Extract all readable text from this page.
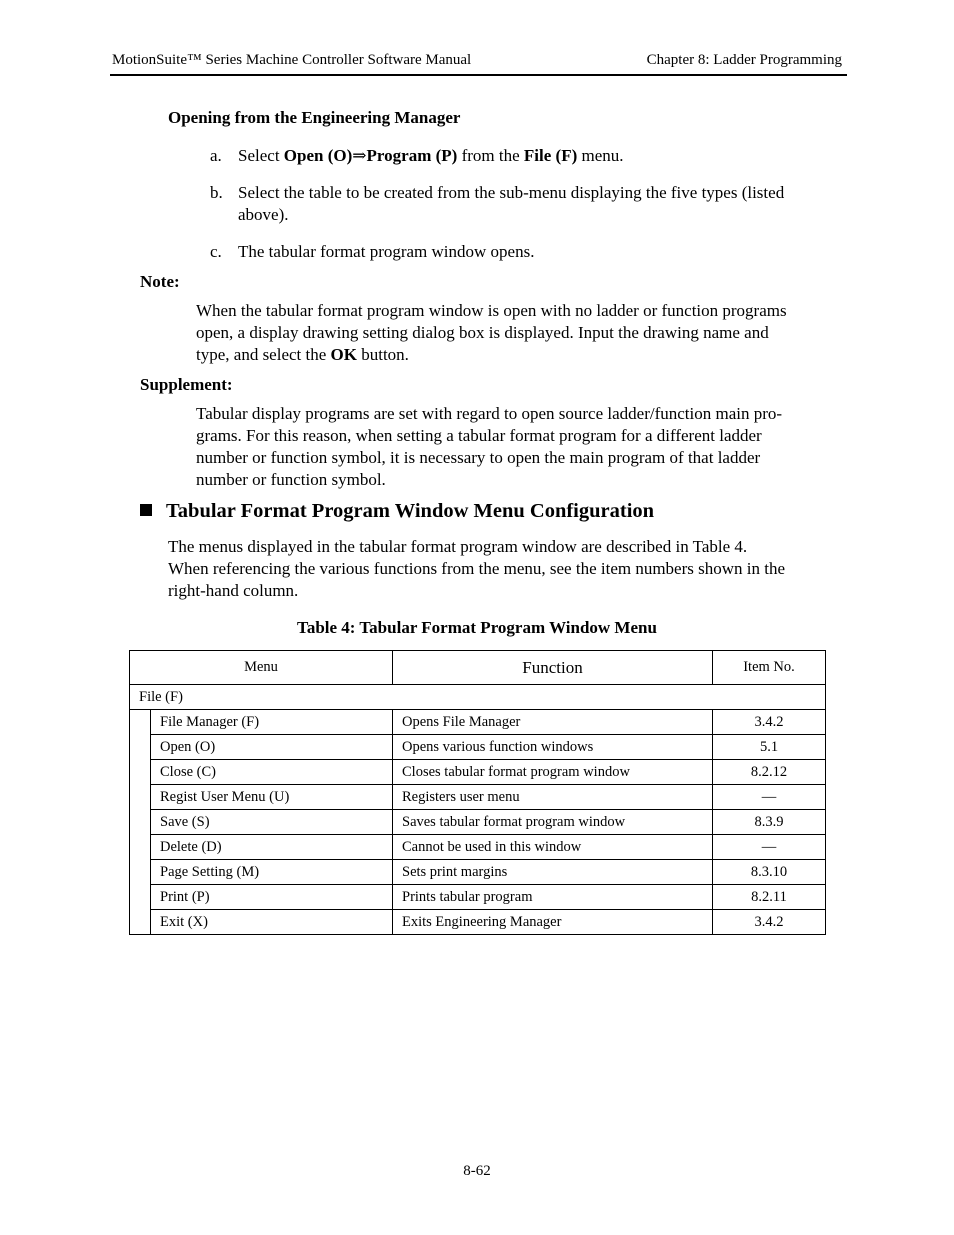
MotionSuite™ Series Machine Controller Software Manual	Chapter 8: Ladder Programming
Opening from the Engineering Manager
a. Select Open (O)⇒Program (P) from the File (F) menu.
b. Select the table to be created from the sub-menu displaying the five types (listed
above).
c. The tabular format program window opens.
Note:
When the tabular format program window is open with no ladder or function programs
open, a display drawing setting dialog box is displayed. Input the drawing name and
type, and select the OK button.
Supplement:
Tabular display programs are set with regard to open source ladder/function main pro-
grams. For this reason, when setting a tabular format program for a different ladder
number or function symbol, it is necessary to open the main program of that ladder
number or function symbol.
Tabular Format Program Window Menu Configuration
The menus displayed in the tabular format program window are described in Table 4.
When referencing the various functions from the menu, see the item numbers shown in the
right-hand column.
Table 4: Tabular Format Program Window Menu
Menu		Function	Item No.
File (F)			
	File Manager (F)	Opens File Manager	3.4.2
	Open (O)	Opens various function windows	5.1
	Close (C)	Closes tabular format program window	8.2.12
	Regist User Menu (U)	Registers user menu	—
	Save (S)	Saves tabular format program window	8.3.9
	Delete (D)	Cannot be used in this window	—
	Page Setting (M)	Sets print margins	8.3.10
	Print (P)	Prints tabular program	8.2.11
	Exit (X)	Exits Engineering Manager	3.4.2
8-62
